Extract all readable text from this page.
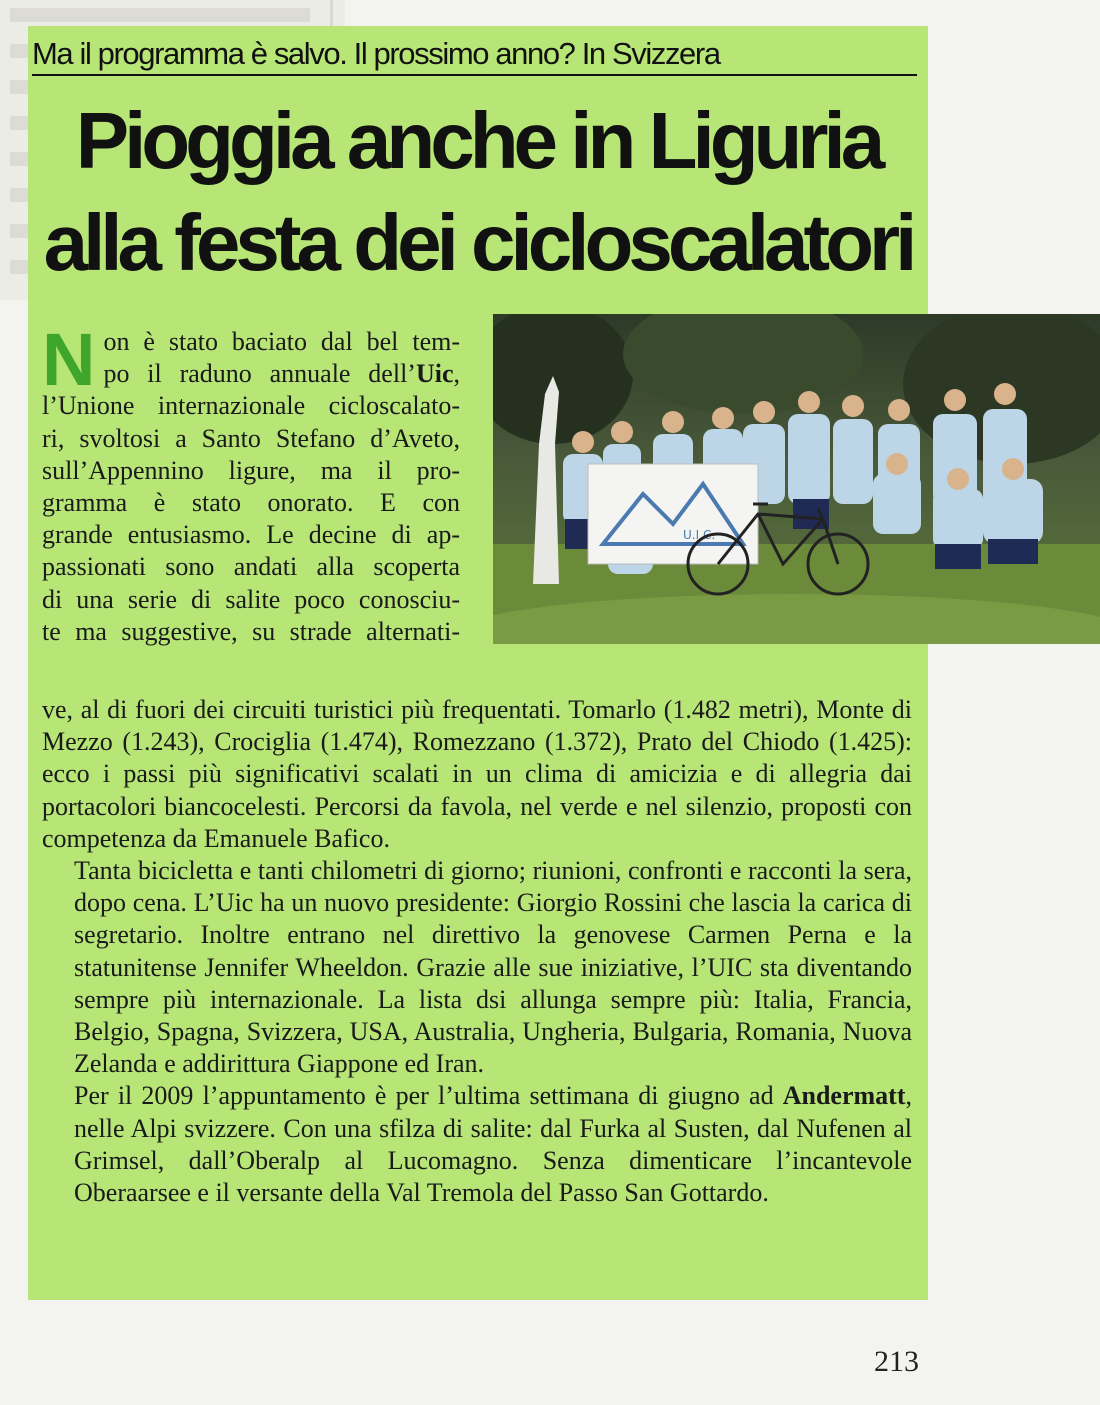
Ma il programma è salvo. Il prossimo anno? In Svizzera
Pioggia anche in Liguria
alla festa dei cicloscalatori
U.I.C.
N on è stato baciato dal bel tem-
po il raduno annuale dell’Uic,
l’Unione internazionale cicloscalato-
ri, svoltosi a Santo Stefano d’Aveto,
sull’Appennino ligure, ma il pro-
gramma è stato onorato. E con
grande entusiasmo. Le decine di ap-
passionati sono andati alla scoperta
di una serie di salite poco conosciu-
te ma suggestive, su strade alternati-

ve, al di fuori dei circuiti turistici più frequentati. Tomarlo (1.482 metri), Monte di Mezzo (1.243), Crociglia (1.474), Romezzano (1.372), Prato del Chiodo (1.425): ecco i passi più significativi scalati in un clima di amicizia e di allegria dai portacolori biancocelesti. Percorsi da favola, nel verde e nel silenzio, proposti con competenza da Emanuele Bafico.

Tanta bicicletta e tanti chilometri di giorno; riunioni, confronti e racconti la sera, dopo cena. L’Uic ha un nuovo presidente: Giorgio Rossini che lascia la carica di segretario. Inoltre entrano nel direttivo la genovese Carmen Perna e la statunitense Jennifer Wheeldon. Grazie alle sue iniziative, l’UIC sta diventando sempre più internazionale. La lista dsi allunga sempre più: Italia, Francia, Belgio, Spagna, Svizzera, USA, Australia, Ungheria, Bulgaria, Romania, Nuova Zelanda e addirittura Giappone ed Iran.

Per il 2009 l’appuntamento è per l’ultima settimana di giugno ad Andermatt, nelle Alpi svizzere. Con una sfilza di salite: dal Furka al Susten, dal Nufenen al Grimsel, dall’Oberalp al Lucomagno. Senza dimenticare l’incantevole Oberaarsee e il versante della Val Tremola del Passo San Gottardo.

213
